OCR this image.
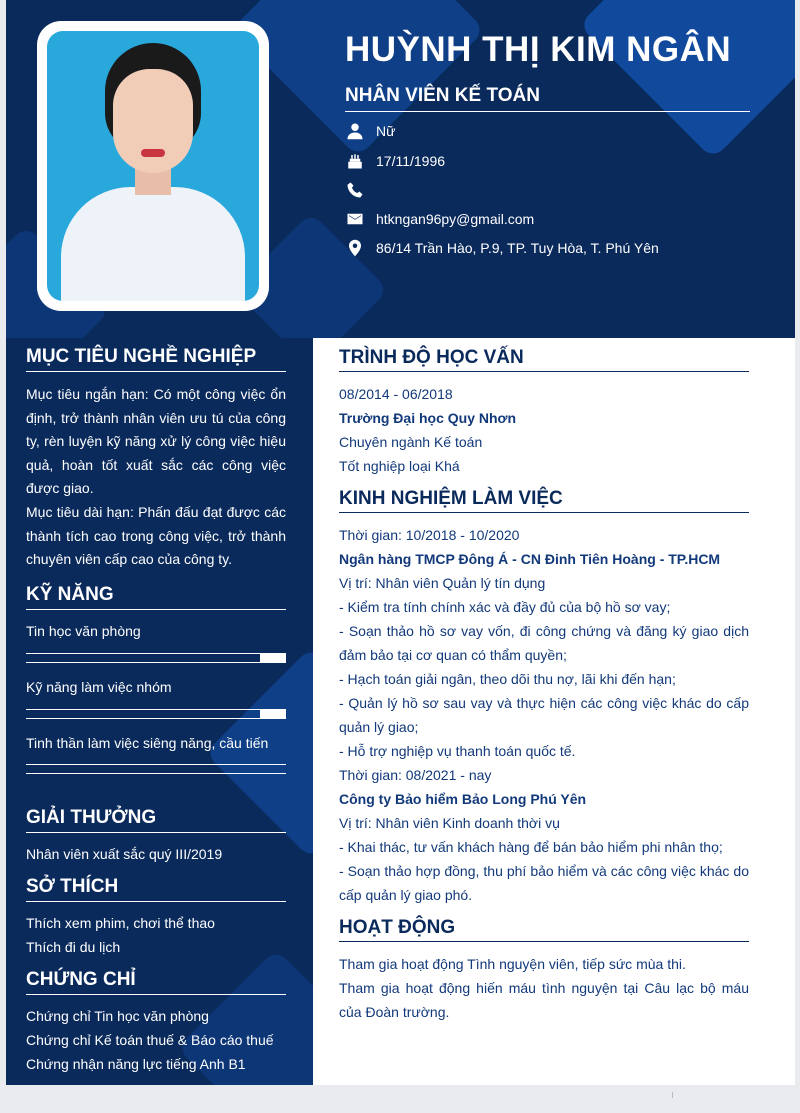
HUỲNH THỊ KIM NGÂN
NHÂN VIÊN KẾ TOÁN
Nữ
17/11/1996
htkngan96py@gmail.com
86/14 Trần Hào, P.9, TP. Tuy Hòa, T. Phú Yên
MỤC TIÊU NGHỀ NGHIỆP

Mục tiêu ngắn hạn: Có một công việc ổn định, trở thành nhân viên ưu tú của công ty, rèn luyện kỹ năng xử lý công việc hiệu quả, hoàn tốt xuất sắc các công việc được giao.

Mục tiêu dài hạn: Phấn đấu đạt được các thành tích cao trong công việc, trở thành chuyên viên cấp cao của công ty.

KỸ NĂNG
Tin học văn phòng
Kỹ năng làm việc nhóm
Tinh thần làm việc siêng năng, cầu tiến
GIẢI THƯỞNG
Nhân viên xuất sắc quý III/2019
SỞ THÍCH
Thích xem phim, chơi thể thao
Thích đi du lịch
CHỨNG CHỈ
Chứng chỉ Tin học văn phòng
Chứng chỉ Kế toán thuế & Báo cáo thuế
Chứng nhận năng lực tiếng Anh B1
TRÌNH ĐỘ HỌC VẤN
08/2014 - 06/2018
Trường Đại học Quy Nhơn
Chuyên ngành Kế toán
Tốt nghiệp loại Khá
KINH NGHIỆM LÀM VIỆC
Thời gian: 10/2018 - 10/2020
Ngân hàng TMCP Đông Á - CN Đinh Tiên Hoàng - TP.HCM
Vị trí: Nhân viên Quản lý tín dụng
- Kiểm tra tính chính xác và đầy đủ của bộ hồ sơ vay;
- Soạn thảo hồ sơ vay vốn, đi công chứng và đăng ký giao dịch đảm bảo tại cơ quan có thẩm quyền;
- Hạch toán giải ngân, theo dõi thu nợ, lãi khi đến hạn;
- Quản lý hồ sơ sau vay và thực hiện các công việc khác do cấp quản lý giao;
- Hỗ trợ nghiệp vụ thanh toán quốc tế.
Thời gian: 08/2021 - nay
Công ty Bảo hiểm Bảo Long Phú Yên
Vị trí: Nhân viên Kinh doanh thời vụ
- Khai thác, tư vấn khách hàng để bán bảo hiểm phi nhân thọ;
- Soạn thảo hợp đồng, thu phí bảo hiểm và các công việc khác do cấp quản lý giao phó.
HOẠT ĐỘNG
Tham gia hoạt động Tình nguyện viên, tiếp sức mùa thi.
Tham gia hoạt động hiến máu tình nguyện tại Câu lạc bộ máu của Đoàn trường.
